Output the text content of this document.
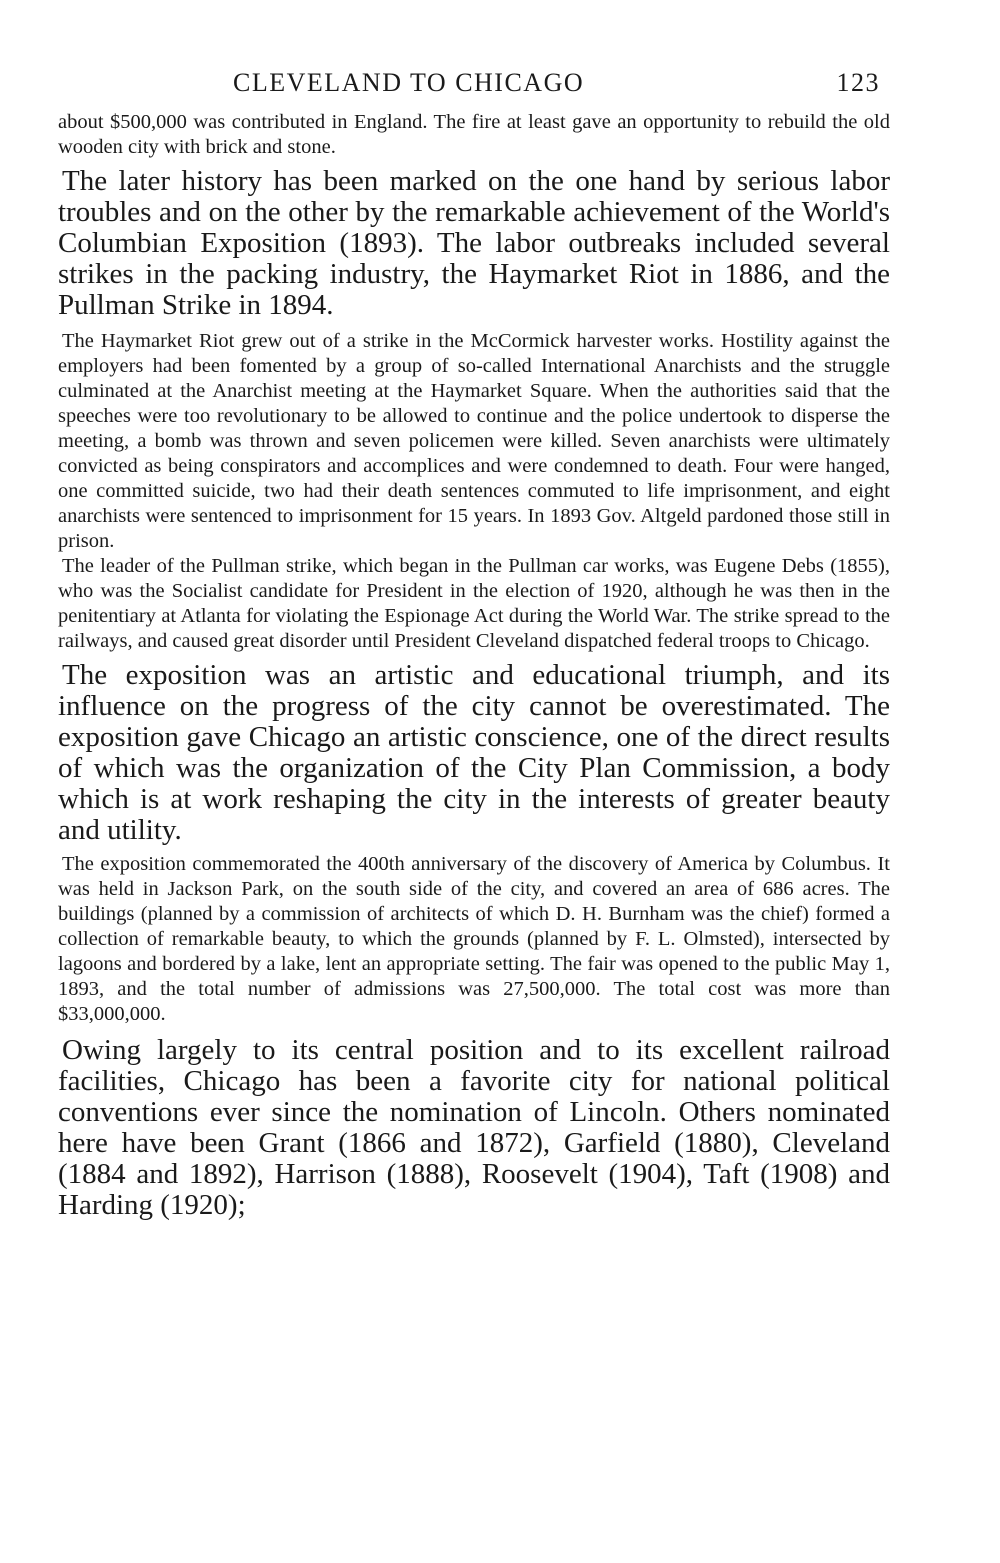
CLEVELAND TO CHICAGO	123

about $500,000 was contributed in England. The fire at least gave an opportunity to rebuild the old wooden city with brick and stone.

The later history has been marked on the one hand by serious labor troubles and on the other by the remarkable achievement of the World's Columbian Exposition (1893). The labor outbreaks included several strikes in the packing industry, the Haymarket Riot in 1886, and the Pullman Strike in 1894.

The Haymarket Riot grew out of a strike in the McCormick harvester works. Hostility against the employers had been fomented by a group of so-called International Anarchists and the struggle culminated at the Anarchist meeting at the Haymarket Square. When the authorities said that the speeches were too revolutionary to be allowed to continue and the police undertook to disperse the meeting, a bomb was thrown and seven policemen were killed. Seven anarchists were ultimately convicted as being conspirators and accomplices and were condemned to death. Four were hanged, one committed suicide, two had their death sentences commuted to life imprisonment, and eight anarchists were sentenced to imprisonment for 15 years. In 1893 Gov. Altgeld pardoned those still in prison.

The leader of the Pullman strike, which began in the Pullman car works, was Eugene Debs (1855), who was the Socialist candidate for President in the election of 1920, although he was then in the penitentiary at Atlanta for violating the Espionage Act during the World War. The strike spread to the railways, and caused great disorder until President Cleveland dispatched federal troops to Chicago.

The exposition was an artistic and educational triumph, and its influence on the progress of the city cannot be overestimated. The exposition gave Chicago an artistic conscience, one of the direct results of which was the organization of the City Plan Commission, a body which is at work reshaping the city in the interests of greater beauty and utility.

The exposition commemorated the 400th anniversary of the discovery of America by Columbus. It was held in Jackson Park, on the south side of the city, and covered an area of 686 acres. The buildings (planned by a commission of architects of which D. H. Burnham was the chief) formed a collection of remarkable beauty, to which the grounds (planned by F. L. Olmsted), intersected by lagoons and bordered by a lake, lent an appropriate setting. The fair was opened to the public May 1, 1893, and the total number of admissions was 27,500,000. The total cost was more than $33,000,000.

Owing largely to its central position and to its excellent railroad facilities, Chicago has been a favorite city for national political conventions ever since the nomination of Lincoln. Others nominated here have been Grant (1866 and 1872), Garfield (1880), Cleveland (1884 and 1892), Harrison (1888), Roosevelt (1904), Taft (1908) and Harding (1920);
